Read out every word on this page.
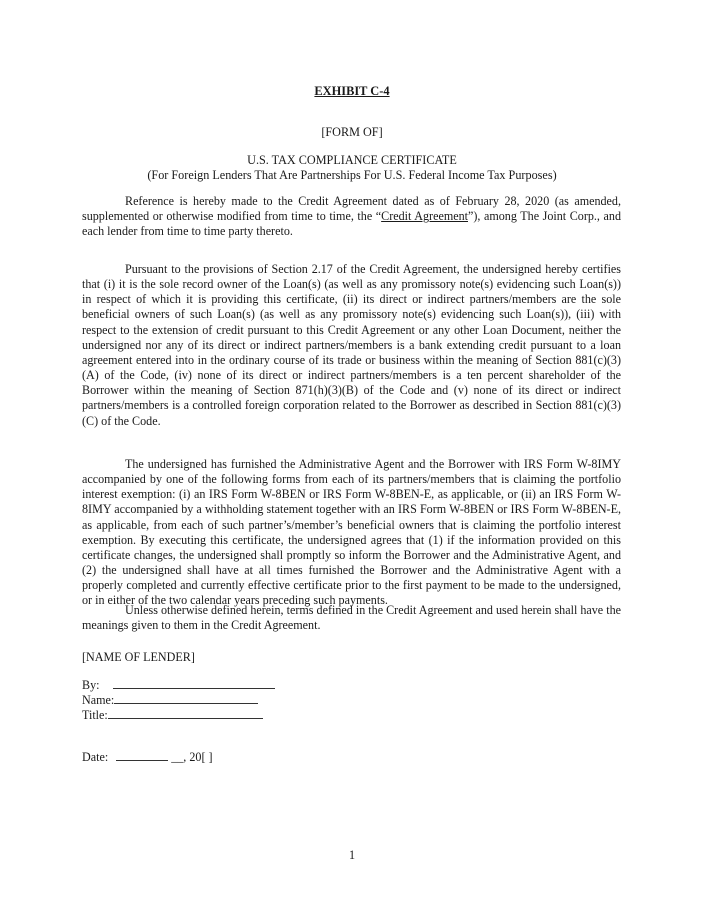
EXHIBIT C-4
[FORM OF]
U.S. TAX COMPLIANCE CERTIFICATE
(For Foreign Lenders That Are Partnerships For U.S. Federal Income Tax Purposes)

Reference is hereby made to the Credit Agreement dated as of February 28, 2020 (as amended, supplemented or otherwise modified from time to time, the “Credit Agreement”), among The Joint Corp., and each lender from time to time party thereto.

Pursuant to the provisions of Section 2.17 of the Credit Agreement, the undersigned hereby certifies that (i) it is the sole record owner of the Loan(s) (as well as any promissory note(s) evidencing such Loan(s)) in respect of which it is providing this certificate, (ii) its direct or indirect partners/members are the sole beneficial owners of such Loan(s) (as well as any promissory note(s) evidencing such Loan(s)), (iii) with respect to the extension of credit pursuant to this Credit Agreement or any other Loan Document, neither the undersigned nor any of its direct or indirect partners/members is a bank extending credit pursuant to a loan agreement entered into in the ordinary course of its trade or business within the meaning of Section 881(c)(3)(A) of the Code, (iv) none of its direct or indirect partners/members is a ten percent shareholder of the Borrower within the meaning of Section 871(h)(3)(B) of the Code and (v) none of its direct or indirect partners/members is a controlled foreign corporation related to the Borrower as described in Section 881(c)(3)(C) of the Code.

The undersigned has furnished the Administrative Agent and the Borrower with IRS Form W-8IMY accompanied by one of the following forms from each of its partners/members that is claiming the portfolio interest exemption: (i) an IRS Form W-8BEN or IRS Form W-8BEN-E, as applicable, or (ii) an IRS Form W-8IMY accompanied by a withholding statement together with an IRS Form W-8BEN or IRS Form W-8BEN-E, as applicable, from each of such partner’s/member’s beneficial owners that is claiming the portfolio interest exemption. By executing this certificate, the undersigned agrees that (1) if the information provided on this certificate changes, the undersigned shall promptly so inform the Borrower and the Administrative Agent, and (2) the undersigned shall have at all times furnished the Borrower and the Administrative Agent with a properly completed and currently effective certificate prior to the first payment to be made to the undersigned, or in either of the two calendar years preceding such payments.

Unless otherwise defined herein, terms defined in the Credit Agreement and used herein shall have the meanings given to them in the Credit Agreement.

[NAME OF LENDER]
By:
Name:
Title:
Date:	__, 20[ ]
1
